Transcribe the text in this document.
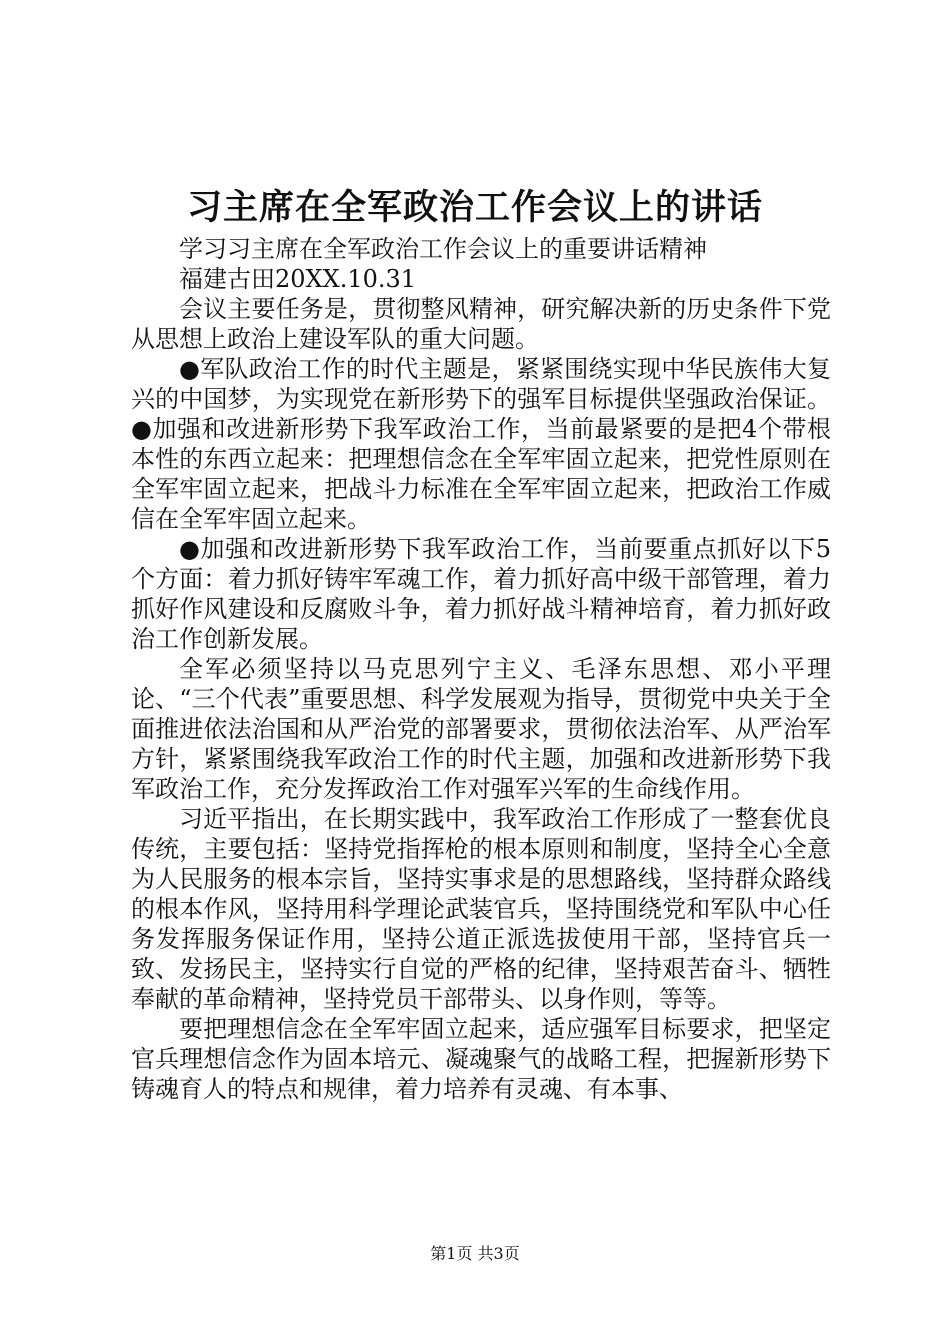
习主席在全军政治工作会议上的讲话

学习习主席在全军政治工作会议上的重要讲话精神

福建古田20XX.10.31

会议主要任务是，贯彻整风精神，研究解决新的历史条件下党从思想上政治上建设军队的重大问题。

●军队政治工作的时代主题是，紧紧围绕实现中华民族伟大复兴的中国梦，为实现党在新形势下的强军目标提供坚强政治保证。●加强和改进新形势下我军政治工作，当前最紧要的是把4个带根本性的东西立起来：把理想信念在全军牢固立起来，把党性原则在全军牢固立起来，把战斗力标准在全军牢固立起来，把政治工作威信在全军牢固立起来。

●加强和改进新形势下我军政治工作，当前要重点抓好以下5个方面：着力抓好铸牢军魂工作，着力抓好高中级干部管理，着力抓好作风建设和反腐败斗争，着力抓好战斗精神培育，着力抓好政治工作创新发展。

全军必须坚持以马克思列宁主义、毛泽东思想、邓小平理论、“三个代表”重要思想、科学发展观为指导，贯彻党中央关于全面推进依法治国和从严治党的部署要求，贯彻依法治军、从严治军方针，紧紧围绕我军政治工作的时代主题，加强和改进新形势下我军政治工作，充分发挥政治工作对强军兴军的生命线作用。

习近平指出，在长期实践中，我军政治工作形成了一整套优良传统，主要包括：坚持党指挥枪的根本原则和制度，坚持全心全意为人民服务的根本宗旨，坚持实事求是的思想路线，坚持群众路线的根本作风，坚持用科学理论武装官兵，坚持围绕党和军队中心任务发挥服务保证作用，坚持公道正派选拔使用干部，坚持官兵一致、发扬民主，坚持实行自觉的严格的纪律，坚持艰苦奋斗、牺牲奉献的革命精神，坚持党员干部带头、以身作则，等等。

要把理想信念在全军牢固立起来，适应强军目标要求，把坚定官兵理想信念作为固本培元、凝魂聚气的战略工程，把握新形势下铸魂育人的特点和规律，着力培养有灵魂、有本事、

第1页 共3页
